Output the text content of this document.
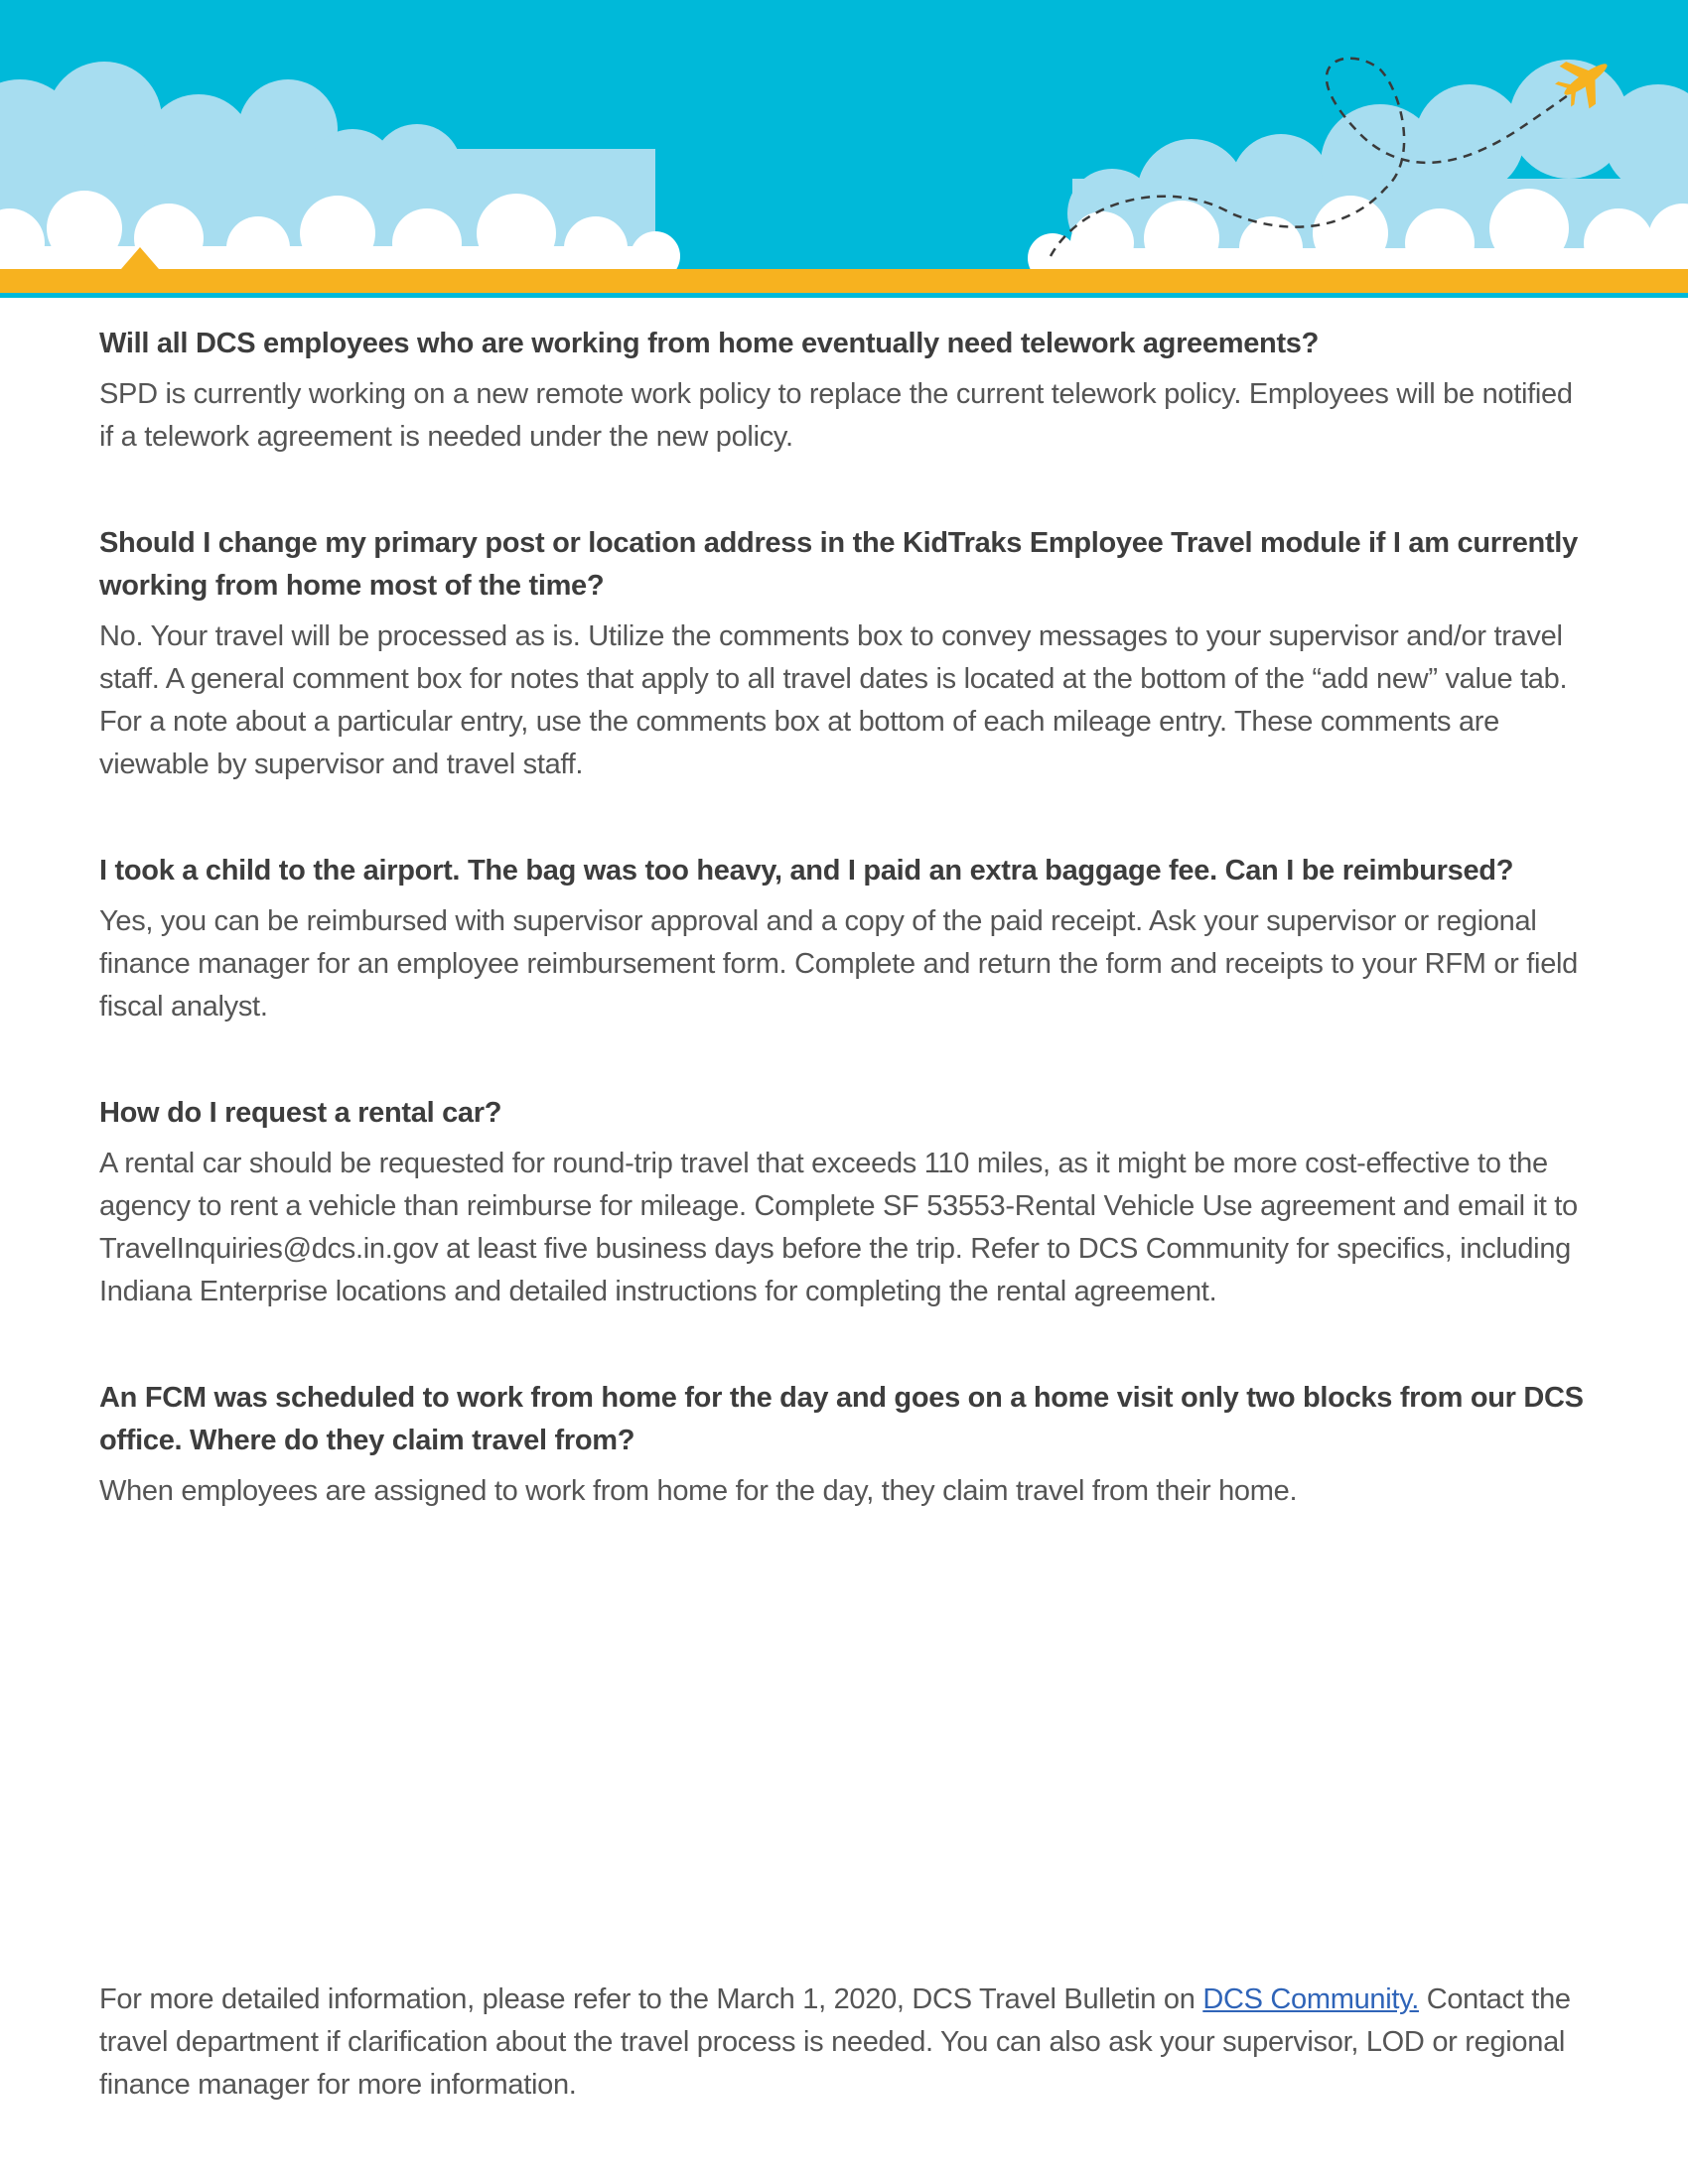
Will all DCS employees who are working from home eventually need telework agreements?

SPD is currently working on a new remote work policy to replace the current telework policy. Employees will be notified if a telework agreement is needed under the new policy.

Should I change my primary post or location address in the KidTraks Employee Travel module if I am currently working from home most of the time?

No. Your travel will be processed as is. Utilize the comments box to convey messages to your supervisor and/or travel staff. A general comment box for notes that apply to all travel dates is located at the bottom of the “add new” value tab. For a note about a particular entry, use the comments box at bottom of each mileage entry. These comments are viewable by supervisor and travel staff.

I took a child to the airport. The bag was too heavy, and I paid an extra baggage fee. Can I be reimbursed?

Yes, you can be reimbursed with supervisor approval and a copy of the paid receipt. Ask your supervisor or regional finance manager for an employee reimbursement form. Complete and return the form and receipts to your RFM or field fiscal analyst.

How do I request a rental car?

A rental car should be requested for round-trip travel that exceeds 110 miles, as it might be more cost-effective to the agency to rent a vehicle than reimburse for mileage. Complete SF 53553-Rental Vehicle Use agreement and email it to TravelInquiries@dcs.in.gov at least five business days before the trip. Refer to DCS Community for specifics, including Indiana Enterprise locations and detailed instructions for completing the rental agreement.

An FCM was scheduled to work from home for the day and goes on a home visit only two blocks from our DCS office. Where do they claim travel from?

When employees are assigned to work from home for the day, they claim travel from their home.

For more detailed information, please refer to the March 1, 2020, DCS Travel Bulletin on DCS Community. Contact the travel department if clarification about the travel process is needed. You can also ask your supervisor, LOD or regional finance manager for more information.
